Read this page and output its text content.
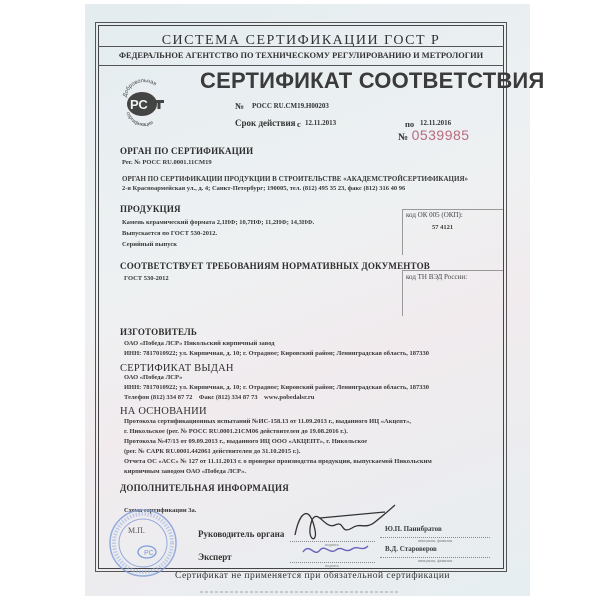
СИСТЕМА СЕРТИФИКАЦИИ ГОСТ Р
ФЕДЕРАЛЬНОЕ АГЕНТСТВО ПО ТЕХНИЧЕСКОМУ РЕГУЛИРОВАНИЮ И МЕТРОЛОГИИ
Добровольная
РС
сертификация
СЕРТИФИКАТ СООТВЕТСТВИЯ
№ РОСС RU.СМ19.Н00203
Срок действия с 12.11.2013	по 12.11.2016
№ 0539985
ОРГАН ПО СЕРТИФИКАЦИИ
Рег. № РОСС RU.0001.11СМ19
ОРГАН ПО СЕРТИФИКАЦИИ ПРОДУКЦИИ В СТРОИТЕЛЬСТВЕ «АКАДЕМСТРОЙСЕРТИФИКАЦИЯ»
2-я Красноармейская ул., д. 4; Санкт-Петербург; 190005, тел. (812) 495 35 23, факс (812) 316 40 96
ПРОДУКЦИЯ
Камень керамический формата 2,1НФ; 10,7НФ; 11,2НФ; 14,3НФ.
Выпускается по ГОСТ 530-2012.
Серийный выпуск
код ОК 005 (ОКП):
57 4121
СООТВЕТСТВУЕТ ТРЕБОВАНИЯМ НОРМАТИВНЫХ ДОКУМЕНТОВ
ГОСТ 530-2012	код ТН ВЭД России:
ИЗГОТОВИТЕЛЬ
ОАО «Победа ЛСР» Никольский кирпичный завод
ИНН: 7817010922; ул. Кирпичная, д. 10; г. Отрадное; Кировский район; Ленинградская область, 187330
СЕРТИФИКАТ ВЫДАН
ОАО «Победа ЛСР»
ИНН: 7817010922; ул. Кирпичная, д. 10; г. Отрадное; Кировский район; Ленинградская область, 187330
Телефон (812) 334 87 72    Факс (812) 334 87 73    www.pobedalsr.ru
НА ОСНОВАНИИ
Протокола сертификационных испытаний №ИС-158.13 от 11.09.2013 г., выданного ИЦ «Акцепт»,
г. Никольское (рег. № РОСС RU.0001.21СМ06 действителен до 19.08.2016 г.).
Протокола №47/13 от 09.09.2013 г., выданного ИЦ ООО «АКЦЕПТ», г. Никольское
(рег. № САРК RU.0001.442061 действителен до 31.10.2015 г.).
Отчета ОС «АСС» № 127 от 11.11.2013 г. о проверке производства продукции, выпускаемой Никольским
кирпичным заводом ОАО «Победа ЛСР».
ДОПОЛНИТЕЛЬНАЯ ИНФОРМАЦИЯ
Схема сертификации 3а.
РС
М.П.	Руководитель органа
Эксперт
подпись
подпись
Ю.П. Панибратов
инициалы, фамилия
В.Д. Староверов
инициалы, фамилия
Сертификат не применяется при обязательной сертификации
